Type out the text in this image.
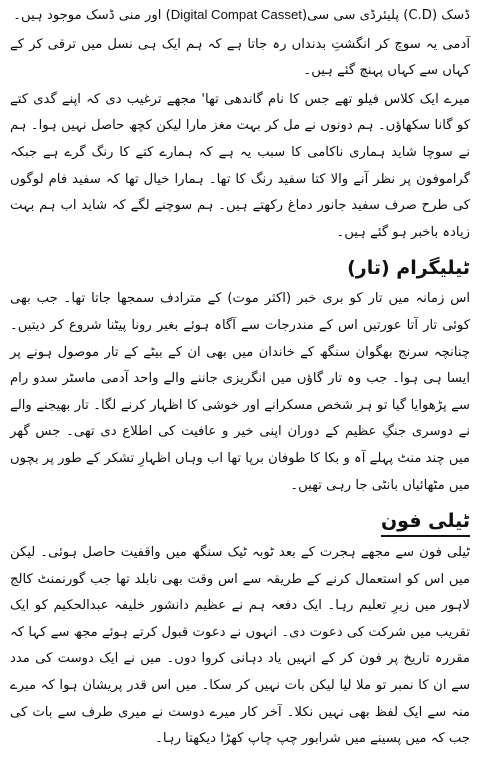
ڈسک (C.D) پلیئرڈی سی سی(Digital Compat Casset) اور منی ڈسک موجود ہیں۔

آدمی یہ سوچ کر انگشتِ بدنداں رہ جاتا ہے کہ ہم ایک ہی نسل میں ترقی کر کے کہاں سے کہاں پہنچ گئے ہیں۔

میرے ایک کلاس فیلو تھے جس کا نام گاندھی تھا' مجھے ترغیب دی کہ اپنے گدی کتے کو گانا سکھاؤں۔ ہم دونوں نے مل کر بہت مغز مارا لیکن کچھ حاصل نہیں ہوا۔ ہم نے سوچا شاید ہماری ناکامی کا سبب یہ ہے کہ ہمارے کتے کا رنگ گرے ہے جبکہ گراموفون پر نظر آنے والا کتا سفید رنگ کا تھا۔ ہمارا خیال تھا کہ سفید فام لوگوں کی طرح صرف سفید جانور دماغ رکھتے ہیں۔ ہم سوچنے لگے کہ شاید اب ہم بہت زیادہ باخبر ہو گئے ہیں۔

ٹیلیگرام (تار)

اس زمانہ میں تار کو بری خبر (اکثر موت) کے مترادف سمجھا جاتا تھا۔ جب بھی کوئی تار آتا عورتیں اس کے مندرجات سے آگاہ ہوئے بغیر رونا پیٹنا شروع کر دیتیں۔ چنانچہ سرنج بھگوان سنگھ کے خاندان میں بھی ان کے بیٹے کے تار موصول ہونے پر ایسا ہی ہوا۔ جب وہ تار گاؤں میں انگریزی جاننے والے واحد آدمی ماسٹر سدو رام سے پڑھوایا گیا تو ہر شخص مسکرانے اور خوشی کا اظہار کرنے لگا۔ تار بھیجنے والے نے دوسری جنگِ عظیم کے دوران اپنی خیر و عافیت کی اطلاع دی تھی۔ جس گھر میں چند منٹ پہلے آہ و بکا کا طوفان برپا تھا اب وہاں اظہارِ تشکر کے طور پر بچوں میں مٹھائیاں بانٹی جا رہی تھیں۔

ٹیلی فون

ٹیلی فون سے مجھے ہجرت کے بعد ٹوبہ ٹیک سنگھ میں واقفیت حاصل ہوئی۔ لیکن میں اس کو استعمال کرنے کے طریقہ سے اس وقت بھی نابلد تھا جب گورنمنٹ کالج لاہور میں زیرِ تعلیم رہا۔ ایک دفعہ ہم نے عظیم دانشور خلیفہ عبدالحکیم کو ایک تقریب میں شرکت کی دعوت دی۔ انہوں نے دعوت قبول کرتے ہوئے مجھ سے کہا کہ مقررہ تاریخ پر فون کر کے انہیں یاد دہانی کروا دوں۔ میں نے ایک دوست کی مدد سے ان کا نمبر تو ملا لیا لیکن بات نہیں کر سکا۔ میں اس قدر پریشان ہوا کہ میرے منہ سے ایک لفظ بھی نہیں نکلا۔ آخر کار میرے دوست نے میری طرف سے بات کی جب کہ میں پسینے میں شرابور چپ چاپ کھڑا دیکھتا رہا۔
